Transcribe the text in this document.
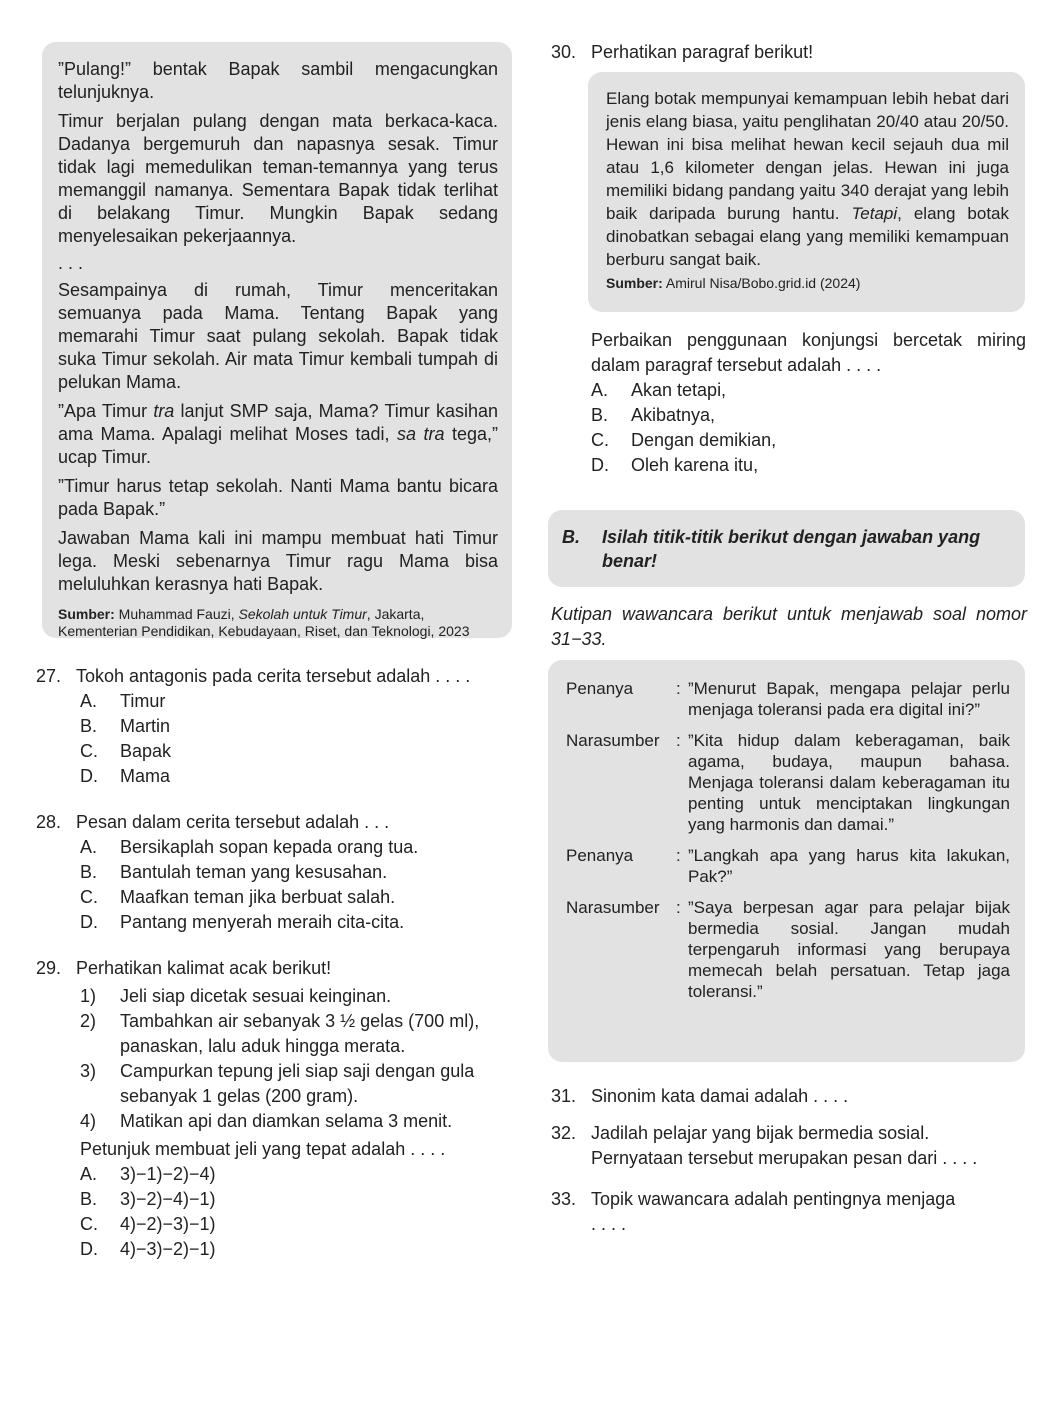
”Pulang!” bentak Bapak sambil mengacungkan telunjuknya.

Timur berjalan pulang dengan mata berkaca-kaca. Dadanya bergemuruh dan napasnya sesak. Timur tidak lagi memedulikan teman-temannya yang terus memanggil namanya. Sementara Bapak tidak terlihat di belakang Timur. Mungkin Bapak sedang menyelesaikan pekerjaannya.

. . .

Sesampainya di rumah, Timur menceritakan semuanya pada Mama. Tentang Bapak yang memarahi Timur saat pulang sekolah. Bapak tidak suka Timur sekolah. Air mata Timur kembali tumpah di pelukan Mama.

”Apa Timur tra lanjut SMP saja, Mama? Timur kasihan ama Mama. Apalagi melihat Moses tadi, sa tra tega,” ucap Timur.

”Timur harus tetap sekolah. Nanti Mama bantu bicara pada Bapak.”

Jawaban Mama kali ini mampu membuat hati Timur lega. Meski sebenarnya Timur ragu Mama bisa meluluhkan kerasnya hati Bapak.

Sumber: Muhammad Fauzi, Sekolah untuk Timur, Jakarta,
Kementerian Pendidikan, Kebudayaan, Riset, dan Teknologi, 2023
27. Tokoh antagonis pada cerita tersebut adalah . . . .
A.	Timur
B.	Martin
C.	Bapak
D.	Mama
28. Pesan dalam cerita tersebut adalah . . .
A.	Bersikaplah sopan kepada orang tua.
B.	Bantulah teman yang kesusahan.
C.	Maafkan teman jika berbuat salah.
D.	Pantang menyerah meraih cita-cita.
29. Perhatikan kalimat acak berikut!
1)	Jeli siap dicetak sesuai keinginan.
2)	Tambahkan air sebanyak 3 ½ gelas (700 ml), panaskan, lalu aduk hingga merata.
3)	Campurkan tepung jeli siap saji dengan gula sebanyak 1 gelas (200 gram).
4)	Matikan api dan diamkan selama 3 menit.
Petunjuk membuat jeli yang tepat adalah . . . .
A.	3)−1)−2)−4)
B.	3)−2)−4)−1)
C.	4)−2)−3)−1)
D.	4)−3)−2)−1)
30. Perhatikan paragraf berikut!

Elang botak mempunyai kemampuan lebih hebat dari jenis elang biasa, yaitu penglihatan 20/40 atau 20/50. Hewan ini bisa melihat hewan kecil sejauh dua mil atau 1,6 kilometer dengan jelas. Hewan ini juga memiliki bidang pandang yaitu 340 derajat yang lebih baik daripada burung hantu. Tetapi, elang botak dinobatkan sebagai elang yang memiliki kemampuan berburu sangat baik.

Sumber: Amirul Nisa/Bobo.grid.id (2024)

Perbaikan penggunaan konjungsi bercetak miring dalam paragraf tersebut adalah . . . .

A.	Akan tetapi,
B.	Akibatnya,
C.	Dengan demikian,
D.	Oleh karena itu,
B.	Isilah titik-titik berikut dengan jawaban yang benar!
Kutipan wawancara berikut untuk menjawab soal nomor 31−33.
Penanya	: ”Menurut Bapak, mengapa pelajar perlu menjaga toleransi pada era digital ini?”
Narasumber : ”Kita hidup dalam keberagaman, baik agama, budaya, maupun bahasa. Menjaga toleransi dalam keberagaman itu penting untuk menciptakan lingkungan yang harmonis dan damai.”
Penanya	: ”Langkah apa yang harus kita lakukan, Pak?”
Narasumber : ”Saya berpesan agar para pelajar bijak bermedia sosial. Jangan mudah terpengaruh informasi yang berupaya memecah belah persatuan. Tetap jaga toleransi.”
31. Sinonim kata damai adalah . . . .
32. Jadilah pelajar yang bijak bermedia sosial.
Pernyataan tersebut merupakan pesan dari . . . .
33. Topik wawancara adalah pentingnya menjaga
. . . .
